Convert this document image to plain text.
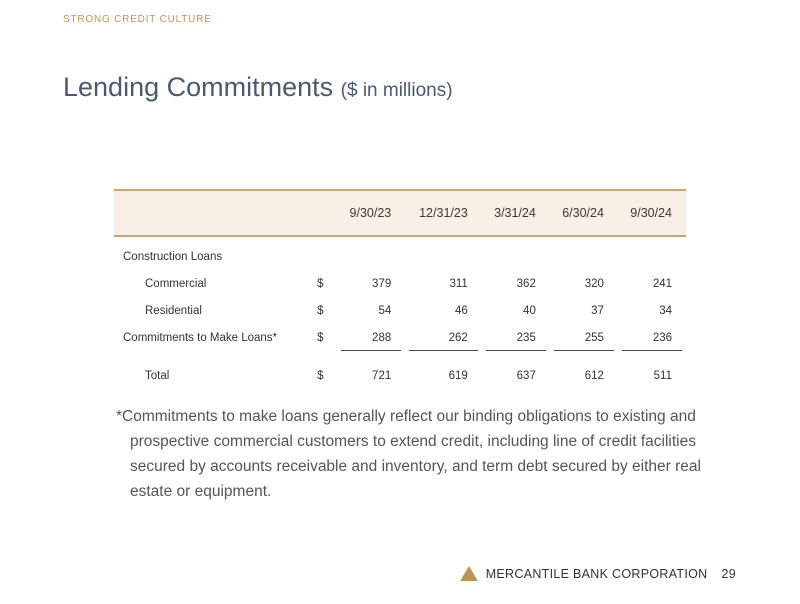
STRONG CREDIT CULTURE
Lending Commitments ($ in millions)
		9/30/23	12/31/23	3/31/24	6/30/24	9/30/24
Construction Loans						
Commercial	$	379	311	362	320	241
Residential	$	54	46	40	37	34
Commitments to Make Loans*	$	288	262	235	255	236

Total	$	721	619	637	612	511

*Commitments to make loans generally reflect our binding obligations to existing and prospective commercial customers to extend credit, including line of credit facilities secured by accounts receivable and inventory, and term debt secured by either real estate or equipment.

MERCANTILE BANK CORPORATION 29
